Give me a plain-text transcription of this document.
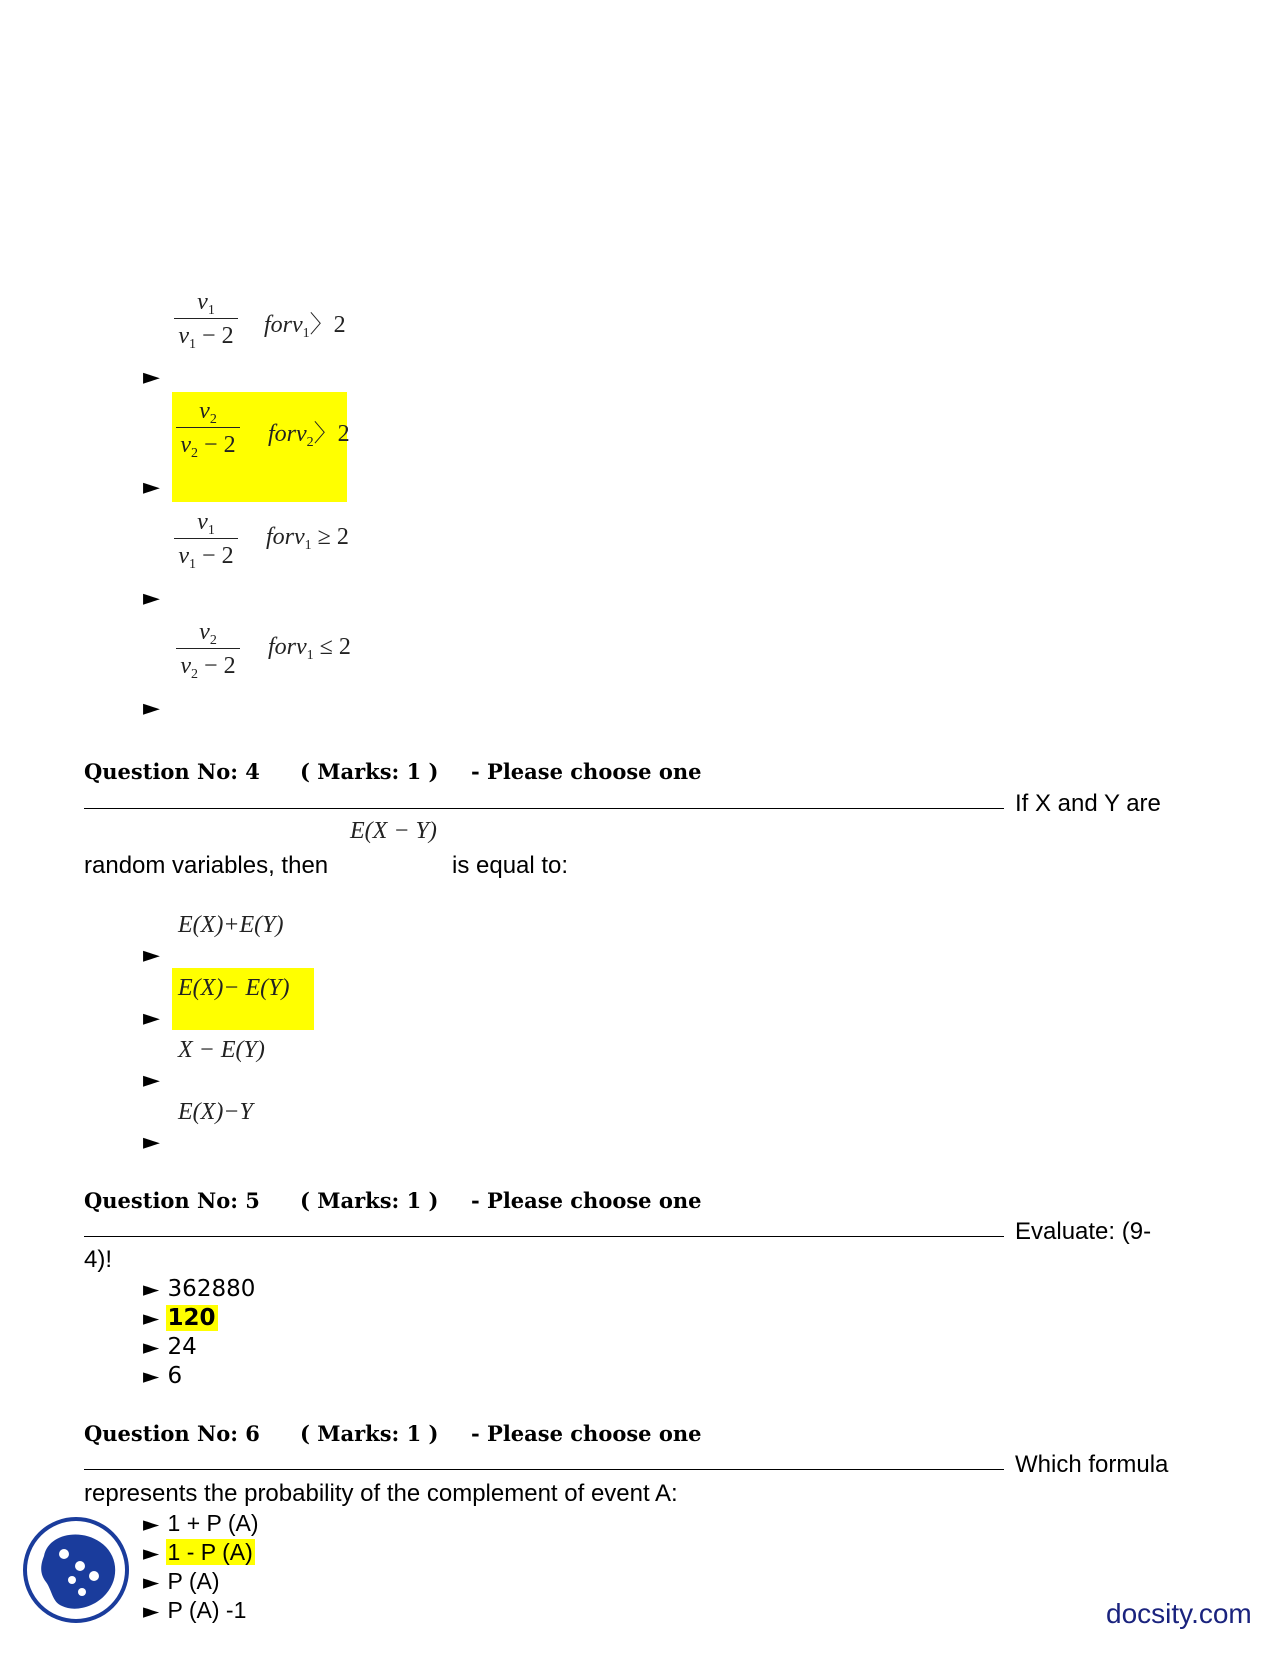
$v_1$
$v_1 - 2$ forv$_1$〉2
►
$v_2$
$v_2 - 2$ forv$_2$〉2
►
$v_1$
$v_1 - 2$
forv$_1$ ≥ 2
►
$v_2$
$v_2 - 2$
forv$_1$ ≤ 2
►
Question No: 4 ( Marks: 1 ) - Please choose one
If X and Y are
E(X − Y)
random variables, then	is equal to:
E(X)+E(Y)
►
E(X)− E(Y)
►
X − E(Y)
►
E(X)−Y
►
Question No: 5 ( Marks: 1 ) - Please choose one
Evaluate: (9-
4)!
► 362880
► 120
► 24
► 6
Question No: 6 ( Marks: 1 ) - Please choose one
Which formula
represents the probability of the complement of event A:
► 1 + P (A)
► 1 - P (A)
► P (A)
► P (A) -1	docsity.com
